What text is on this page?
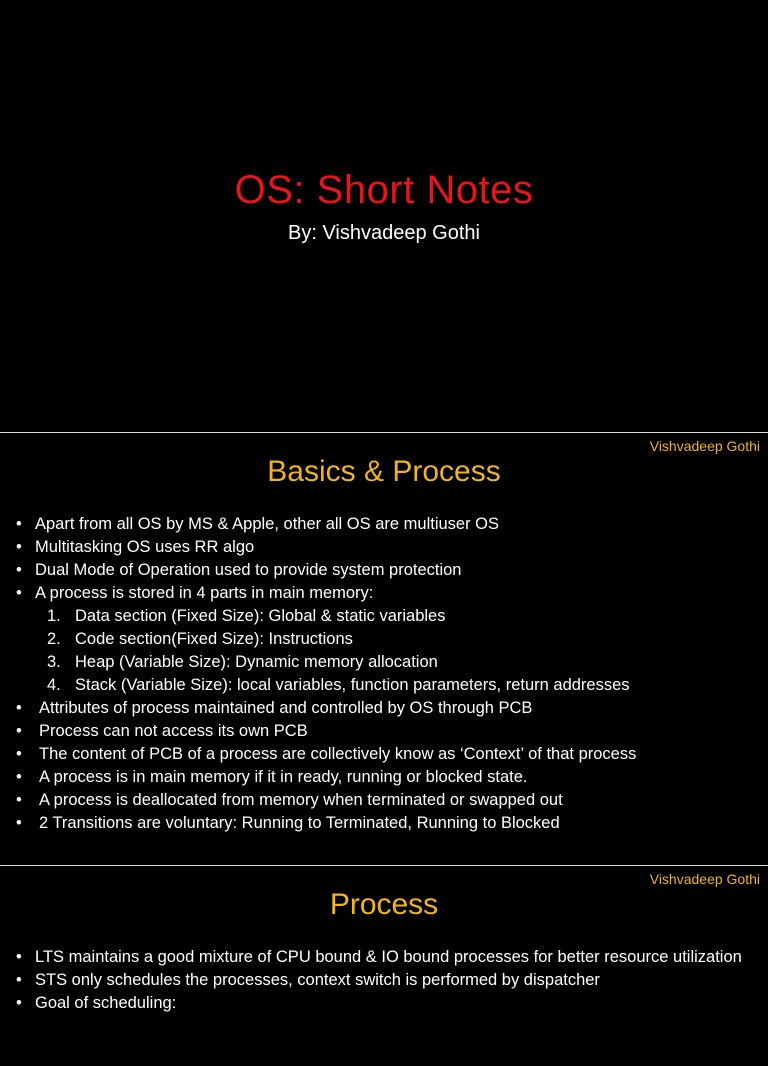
OS: Short Notes
By: Vishvadeep Gothi
Vishvadeep Gothi
Basics & Process
• Apart from all OS by MS & Apple, other all OS are multiuser OS
• Multitasking OS uses RR algo
• Dual Mode of Operation used to provide system protection
• A process is stored in 4 parts in main memory:
1. Data section (Fixed Size): Global & static variables
2. Code section(Fixed Size): Instructions
3. Heap (Variable Size): Dynamic memory allocation
4. Stack (Variable Size): local variables, function parameters, return addresses
• Attributes of process maintained and controlled by OS through PCB
• Process can not access its own PCB
• The content of PCB of a process are collectively know as ‘Context’ of that process
• A process is in main memory if it in ready, running or blocked state.
• A process is deallocated from memory when terminated or swapped out
• 2 Transitions are voluntary: Running to Terminated, Running to Blocked
Vishvadeep Gothi
Process
• LTS maintains a good mixture of CPU bound & IO bound processes for better resource utilization
• STS only schedules the processes, context switch is performed by dispatcher
• Goal of scheduling:
